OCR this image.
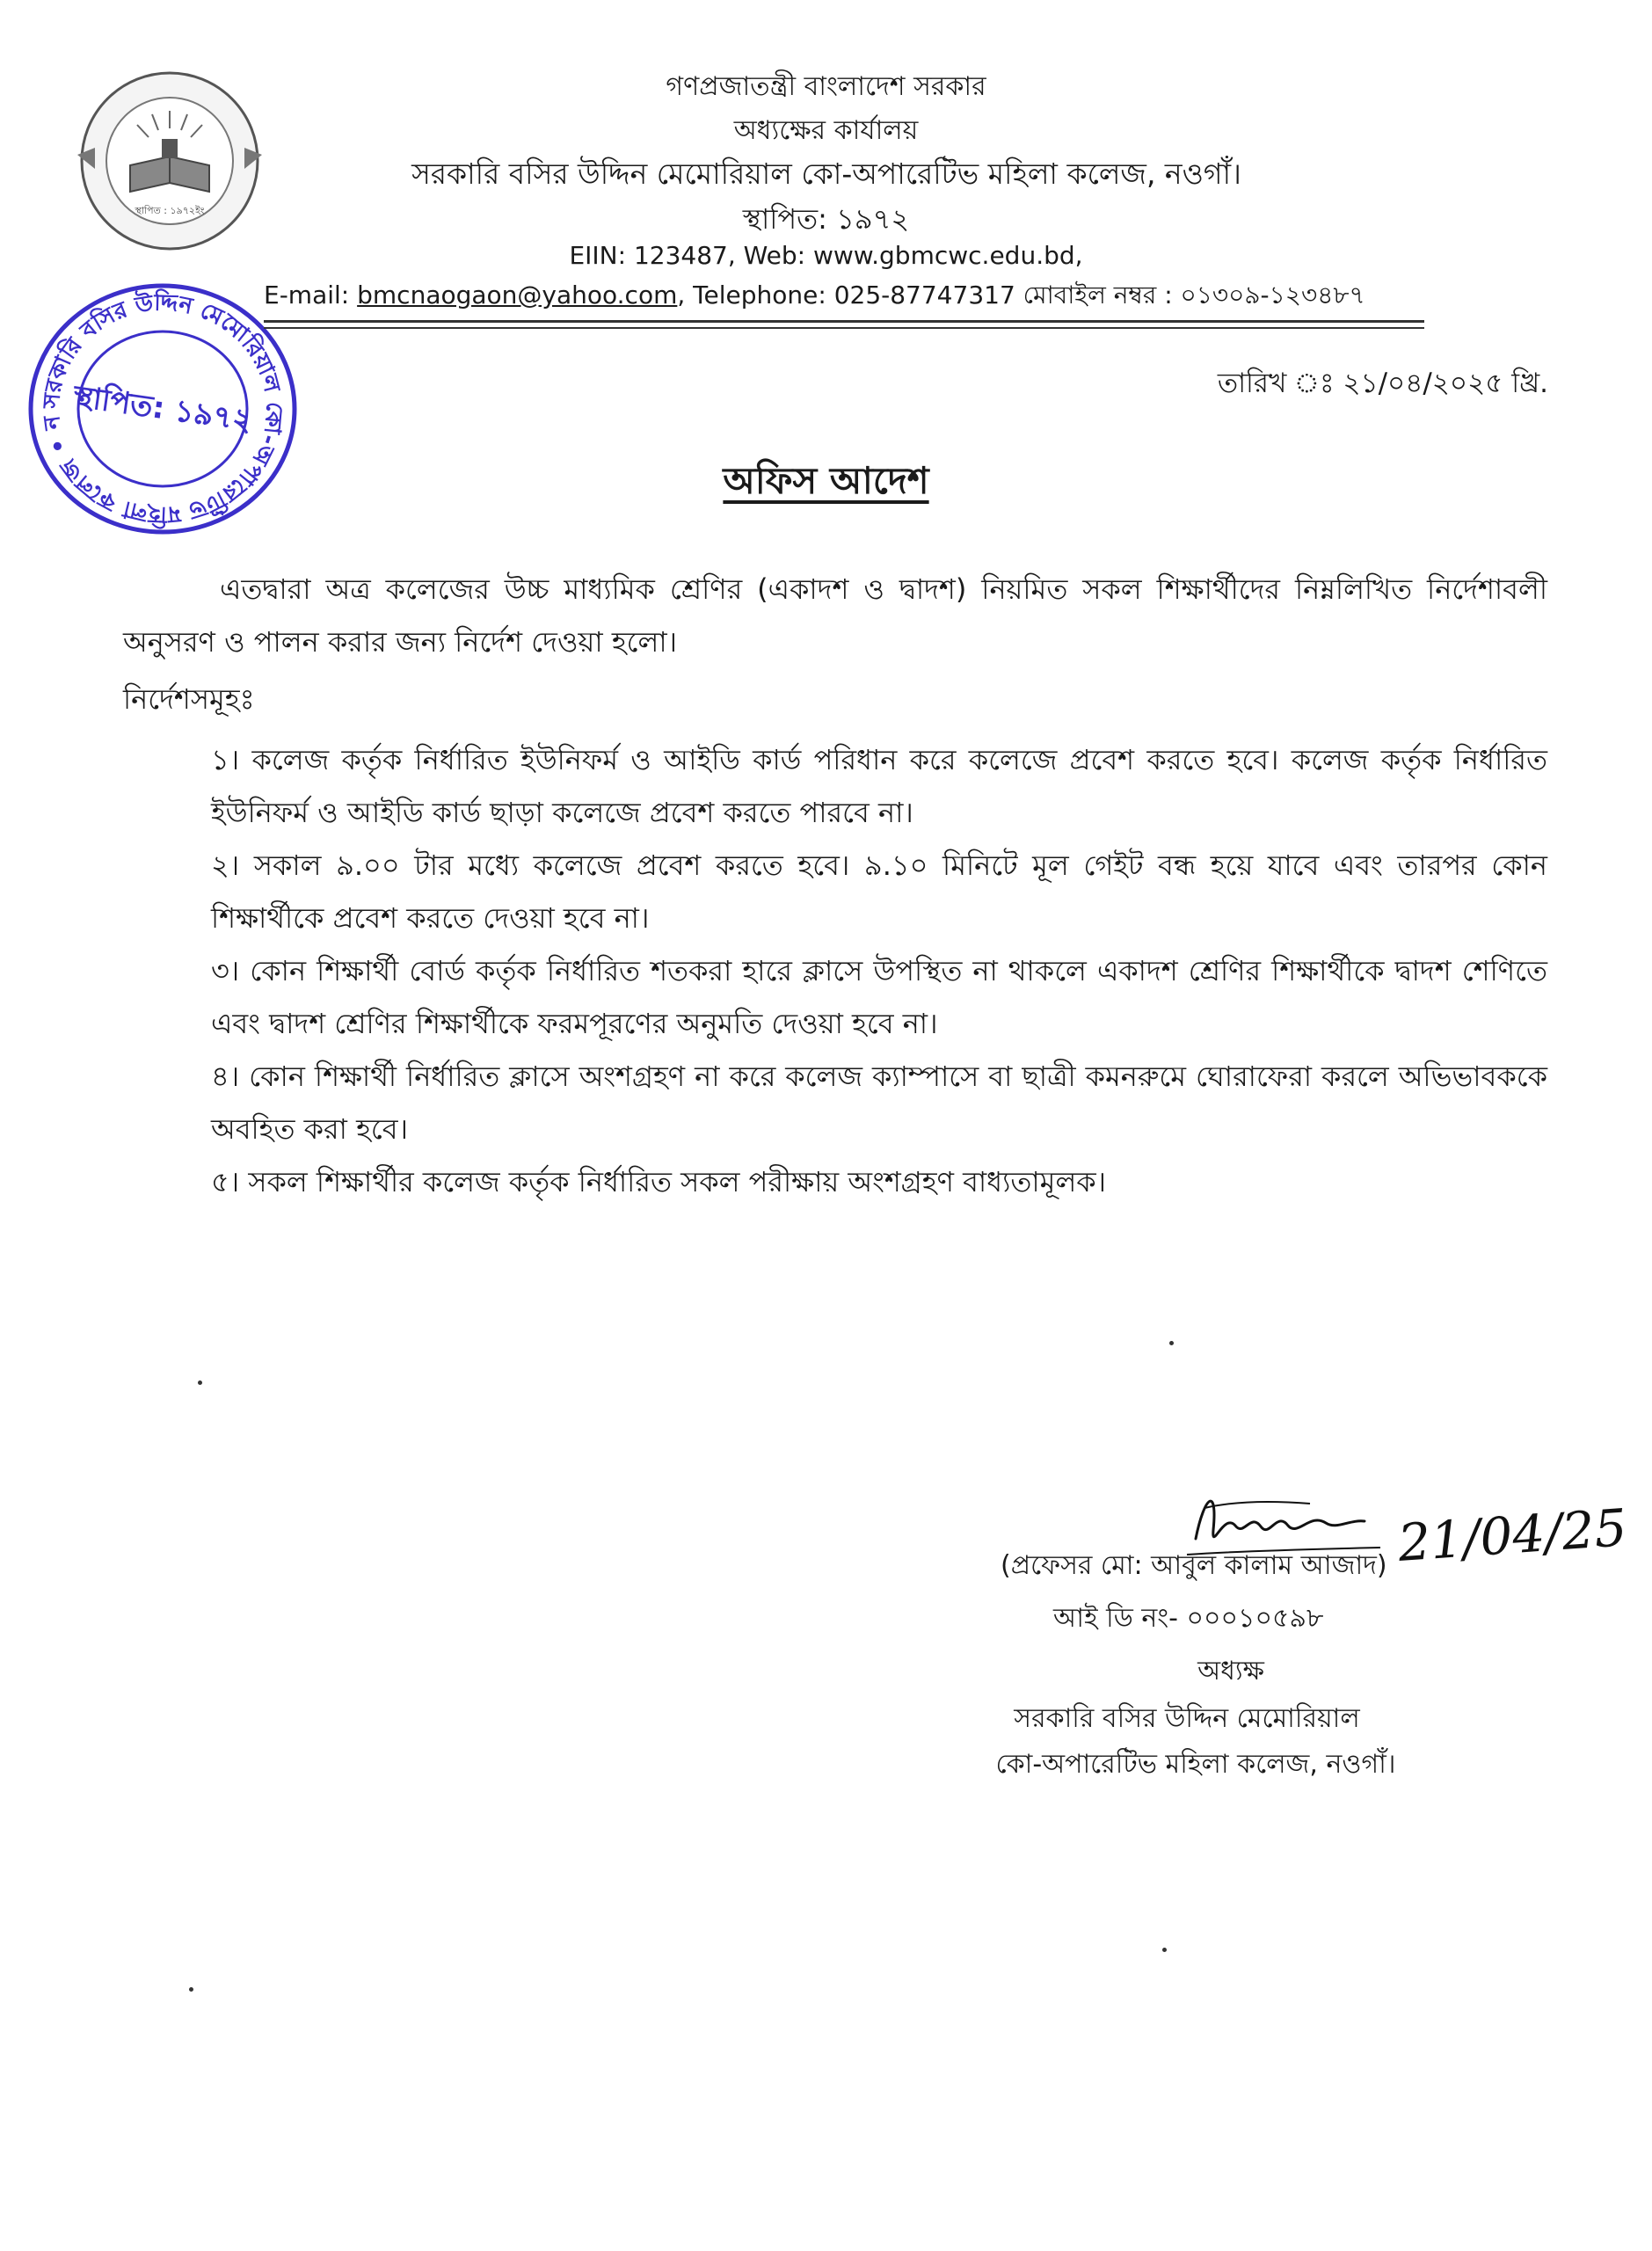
স্থাপিত : ১৯৭২ইং
সরকারি বসির উদ্দিন মেমোরিয়াল কো-অপারেটিভ মহিলা কলেজ • ন স্থাপিত: ১৯৭২
গণপ্রজাতন্ত্রী বাংলাদেশ সরকার
অধ্যক্ষের কার্যালয়
সরকারি বসির উদ্দিন মেমোরিয়াল কো-অপারেটিভ মহিলা কলেজ, নওগাঁ।
স্থাপিত: ১৯৭২
EIIN: 123487, Web: www.gbmcwc.edu.bd,
E-mail: bmcnaogaon@yahoo.com, Telephone: 025-87747317 মোবাইল নম্বর : ০১৩০৯-১২৩৪৮৭
তারিখ ঃ ২১/০৪/২০২৫ খ্রি.
অফিস আদেশ
এতদ্বারা অত্র কলেজের উচ্চ মাধ্যমিক শ্রেণির (একাদশ ও দ্বাদশ) নিয়মিত সকল শিক্ষার্থীদের নিম্নলিখিত নির্দেশাবলী অনুসরণ ও পালন করার জন্য নির্দেশ দেওয়া হলো।
নির্দেশসমূহঃ
১। কলেজ কর্তৃক নির্ধারিত ইউনিফর্ম ও আইডি কার্ড পরিধান করে কলেজে প্রবেশ করতে হবে। কলেজ কর্তৃক নির্ধারিত ইউনিফর্ম ও আইডি কার্ড ছাড়া কলেজে প্রবেশ করতে পারবে না।
২। সকাল ৯.০০ টার মধ্যে কলেজে প্রবেশ করতে হবে। ৯.১০ মিনিটে মূল গেইট বন্ধ হয়ে যাবে এবং তারপর কোন শিক্ষার্থীকে প্রবেশ করতে দেওয়া হবে না।
৩। কোন শিক্ষার্থী বোর্ড কর্তৃক নির্ধারিত শতকরা হারে ক্লাসে উপস্থিত না থাকলে একাদশ শ্রেণির শিক্ষার্থীকে দ্বাদশ শেণিতে এবং দ্বাদশ শ্রেণির শিক্ষার্থীকে ফরমপূরণের অনুমতি দেওয়া হবে না।
৪। কোন শিক্ষার্থী নির্ধারিত ক্লাসে অংশগ্রহণ না করে কলেজ ক্যাম্পাসে বা ছাত্রী কমনরুমে ঘোরাফেরা করলে অভিভাবককে অবহিত করা হবে।
৫। সকল শিক্ষার্থীর কলেজ কর্তৃক নির্ধারিত সকল পরীক্ষায় অংশগ্রহণ বাধ্যতামূলক।
21/04/25
(প্রফেসর মো: আবুল কালাম আজাদ)
আই ডি নং- ০০০১০৫৯৮
অধ্যক্ষ
সরকারি বসির উদ্দিন মেমোরিয়াল
কো-অপারেটিভ মহিলা কলেজ, নওগাঁ।
